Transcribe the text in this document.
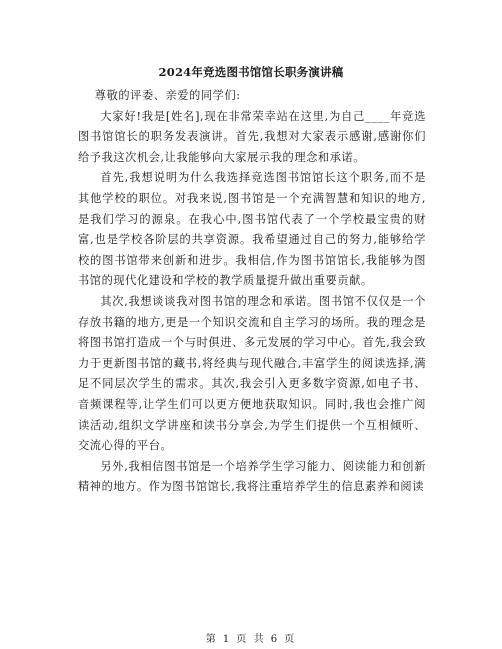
2024年竞选图书馆馆长职务演讲稿

尊敬的评委、亲爱的同学们:

大家好!我是[姓名],现在非常荣幸站在这里,为自己____年竞选图书馆馆长的职务发表演讲。首先,我想对大家表示感谢,感谢你们给予我这次机会,让我能够向大家展示我的理念和承诺。

首先,我想说明为什么我选择竞选图书馆馆长这个职务,而不是其他学校的职位。对我来说,图书馆是一个充满智慧和知识的地方,是我们学习的源泉。在我心中,图书馆代表了一个学校最宝贵的财富,也是学校各阶层的共享资源。我希望通过自己的努力,能够给学校的图书馆带来创新和进步。我相信,作为图书馆馆长,我能够为图书馆的现代化建设和学校的教学质量提升做出重要贡献。

其次,我想谈谈我对图书馆的理念和承诺。图书馆不仅仅是一个存放书籍的地方,更是一个知识交流和自主学习的场所。我的理念是将图书馆打造成一个与时俱进、多元发展的学习中心。首先,我会致力于更新图书馆的藏书,将经典与现代融合,丰富学生的阅读选择,满足不同层次学生的需求。其次,我会引入更多数字资源,如电子书、音频课程等,让学生们可以更方便地获取知识。同时,我也会推广阅读活动,组织文学讲座和读书分享会,为学生们提供一个互相倾听、交流心得的平台。

另外,我相信图书馆是一个培养学生学习能力、阅读能力和创新精神的地方。作为图书馆馆长,我将注重培养学生的信息素养和阅读

第 1 页 共 6 页
